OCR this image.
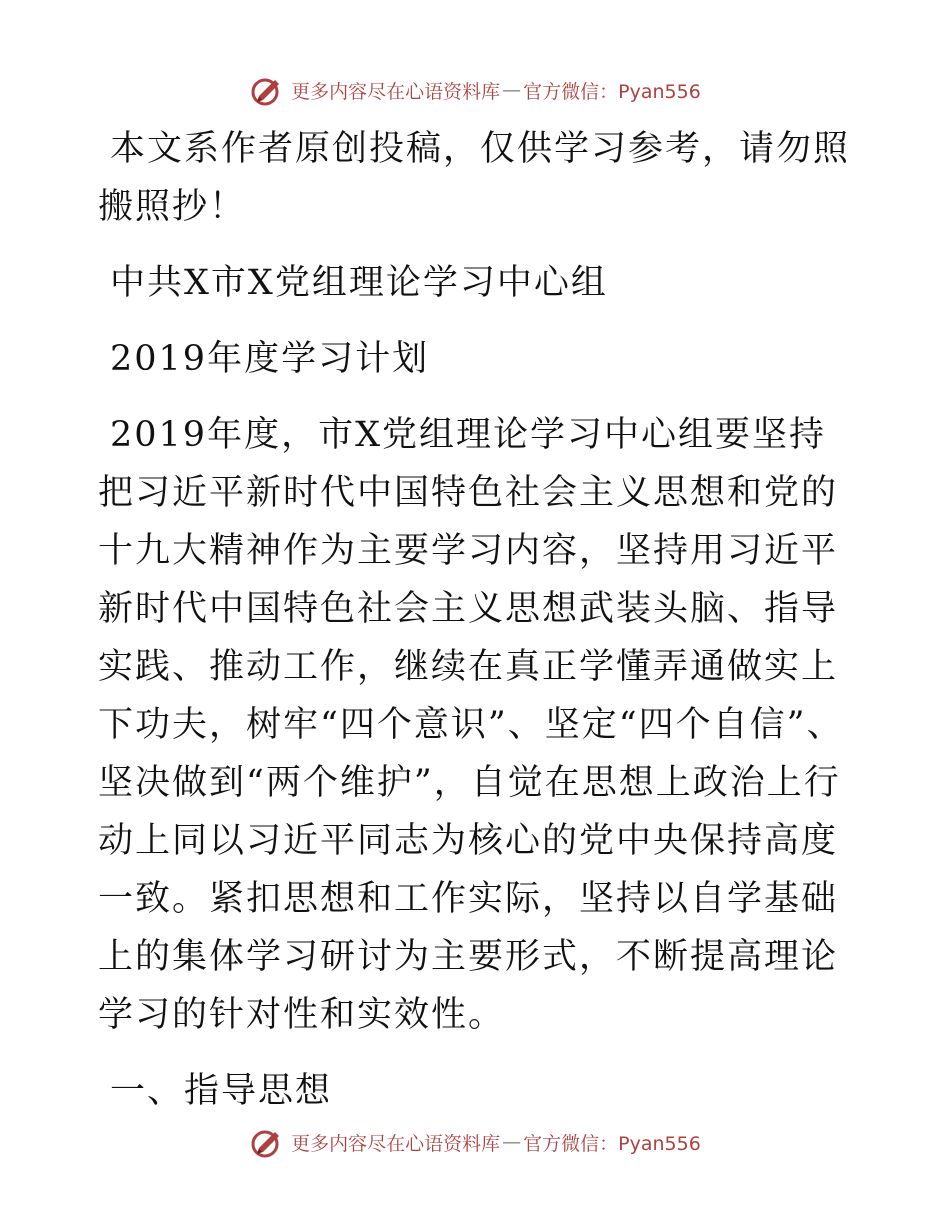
更多内容尽在心语资料库 — 官方微信：Pyan556

本文系作者原创投稿，仅供学习参考，请勿照搬照抄！

中共X市X党组理论学习中心组

2019年度学习计划

2019年度，市X党组理论学习中心组要坚持把习近平新时代中国特色社会主义思想和党的十九大精神作为主要学习内容，坚持用习近平新时代中国特色社会主义思想武装头脑、指导实践、推动工作，继续在真正学懂弄通做实上下功夫，树牢“四个意识”、坚定“四个自信”、坚决做到“两个维护”，自觉在思想上政治上行动上同以习近平同志为核心的党中央保持高度一致。紧扣思想和工作实际，坚持以自学基础上的集体学习研讨为主要形式，不断提高理论学习的针对性和实效性。

一、指导思想

更多内容尽在心语资料库 — 官方微信：Pyan556
